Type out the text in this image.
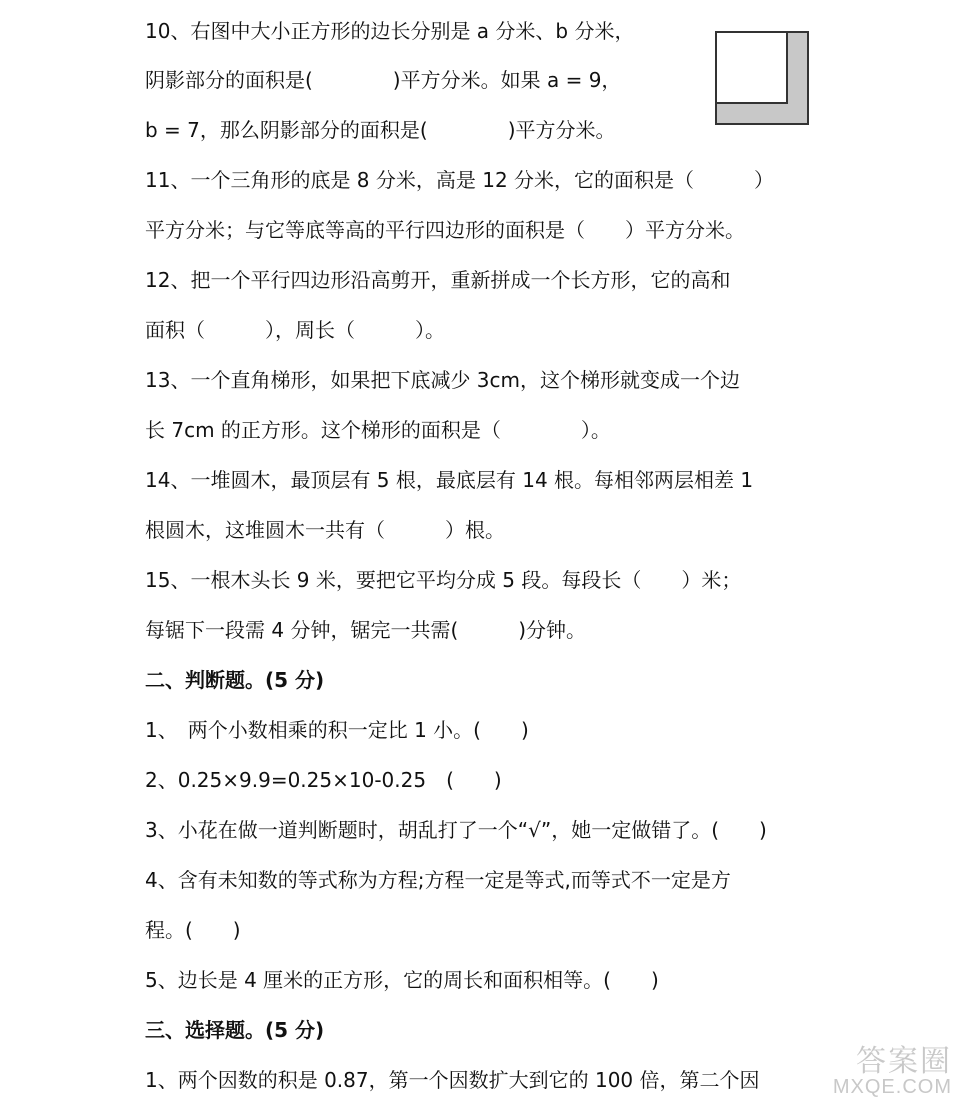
10、右图中大小正方形的边长分别是 a 分米、b 分米，
阴影部分的面积是(　　　　)平方分米。如果 a = 9，
b = 7，那么阴影部分的面积是(　　　　)平方分米。
11、一个三角形的底是 8 分米，高是 12 分米，它的面积是（　　　）
平方分米；与它等底等高的平行四边形的面积是（　　）平方分米。
12、把一个平行四边形沿高剪开，重新拼成一个长方形，它的高和
面积（　　　），周长（　　　）。
13、一个直角梯形，如果把下底减少 3cm，这个梯形就变成一个边
长 7cm 的正方形。这个梯形的面积是（　　　　）。
14、一堆圆木，最顶层有 5 根，最底层有 14 根。每相邻两层相差 1
根圆木，这堆圆木一共有（　　　）根。
15、一根木头长 9 米，要把它平均分成 5 段。每段长（　　）米；
每锯下一段需 4 分钟，锯完一共需(　　　)分钟。
二、判断题。(5 分)
1、　两个小数相乘的积一定比 1 小。(　　)
2、0.25×9.9=0.25×10-0.25　(　　)
3、小花在做一道判断题时，胡乱打了一个“√”，她一定做错了。(　　)
4、含有未知数的等式称为方程;方程一定是等式,而等式不一定是方
程。(　　)
5、边长是 4 厘米的正方形，它的周长和面积相等。(　　)
三、选择题。(5 分)
1、两个因数的积是 0.87，第一个因数扩大到它的 100 倍，第二个因
答案圈
MXQE.COM
